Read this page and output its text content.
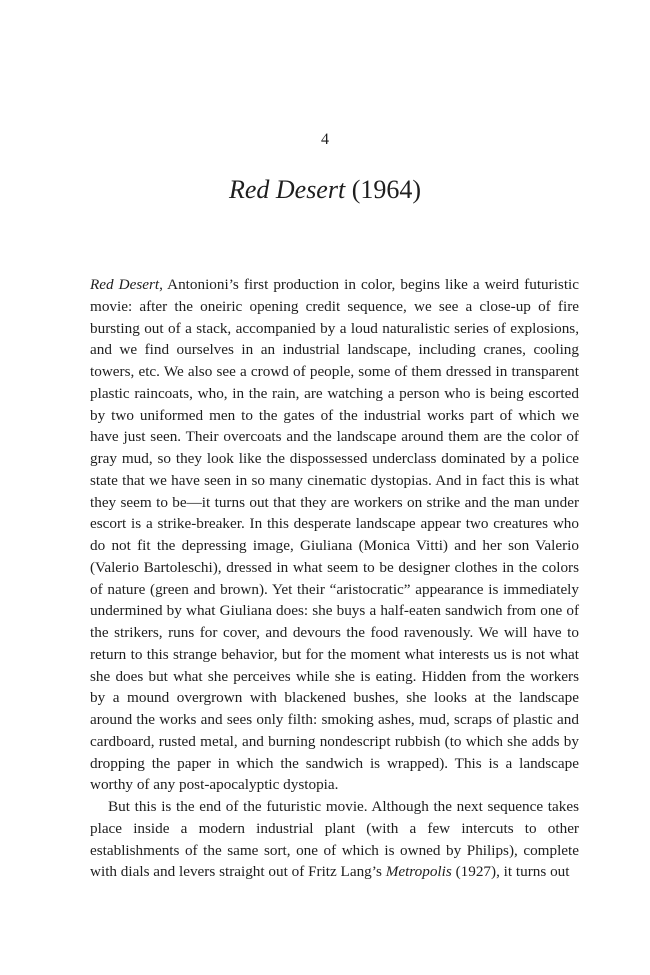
4
Red Desert (1964)

Red Desert, Antonioni’s first production in color, begins like a weird futuristic movie: after the oneiric opening credit sequence, we see a close-up of fire bursting out of a stack, accompanied by a loud naturalistic series of explosions, and we find ourselves in an industrial landscape, including cranes, cooling towers, etc. We also see a crowd of people, some of them dressed in transparent plastic raincoats, who, in the rain, are watching a person who is being escorted by two uniformed men to the gates of the industrial works part of which we have just seen. Their overcoats and the landscape around them are the color of gray mud, so they look like the dispossessed underclass dominated by a police state that we have seen in so many cinematic dystopias. And in fact this is what they seem to be—it turns out that they are workers on strike and the man under escort is a strike-breaker. In this desperate landscape appear two creatures who do not fit the depressing image, Giuliana (Monica Vitti) and her son Valerio (Valerio Bartoleschi), dressed in what seem to be designer clothes in the colors of nature (green and brown). Yet their “aristocratic” appearance is immediately undermined by what Giuliana does: she buys a half-eaten sandwich from one of the strikers, runs for cover, and devours the food ravenously. We will have to return to this strange behavior, but for the moment what interests us is not what she does but what she perceives while she is eating. Hidden from the workers by a mound overgrown with blackened bushes, she looks at the landscape around the works and sees only filth: smoking ashes, mud, scraps of plastic and cardboard, rusted metal, and burning nondescript rubbish (to which she adds by dropping the paper in which the sandwich is wrapped). This is a landscape worthy of any post-apocalyptic dystopia.

But this is the end of the futuristic movie. Although the next sequence takes place inside a modern industrial plant (with a few intercuts to other establishments of the same sort, one of which is owned by Philips), complete with dials and levers straight out of Fritz Lang’s Metropolis (1927), it turns out
